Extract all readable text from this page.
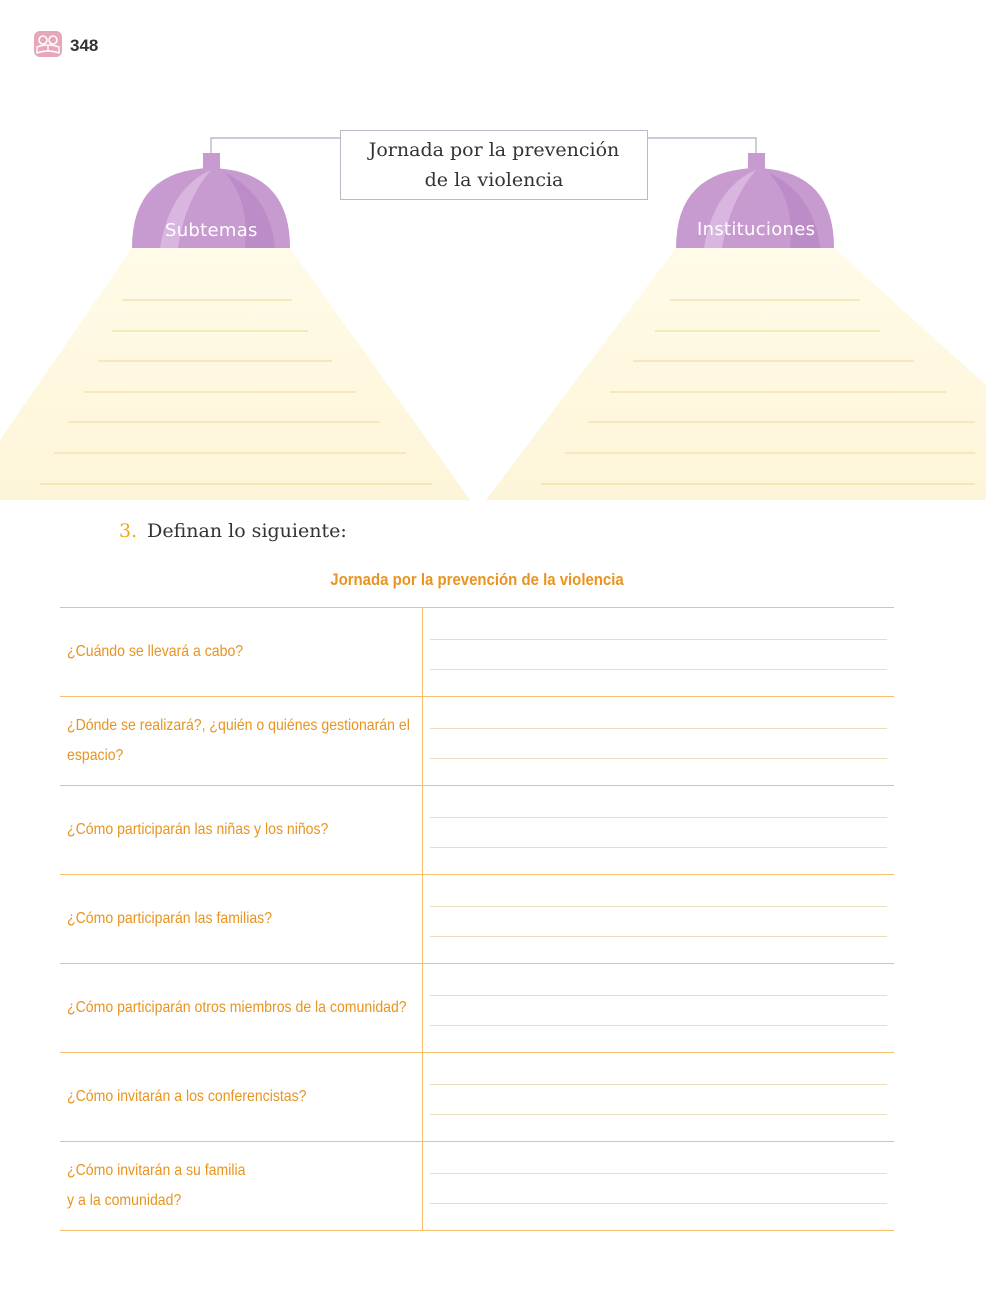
348
Jornada por la prevención
de la violencia
Subtemas	Instituciones
3. Definan lo siguiente:
Jornada por la prevención de la violencia
¿Cuándo se llevará a cabo?
¿Dónde se realizará?, ¿quién o quiénes gestionarán el
espacio?
¿Cómo participarán las niñas y los niños?
¿Cómo participarán las familias?
¿Cómo participarán otros miembros de la comunidad?
¿Cómo invitarán a los conferencistas?
¿Cómo invitarán a su familia
y a la comunidad?
